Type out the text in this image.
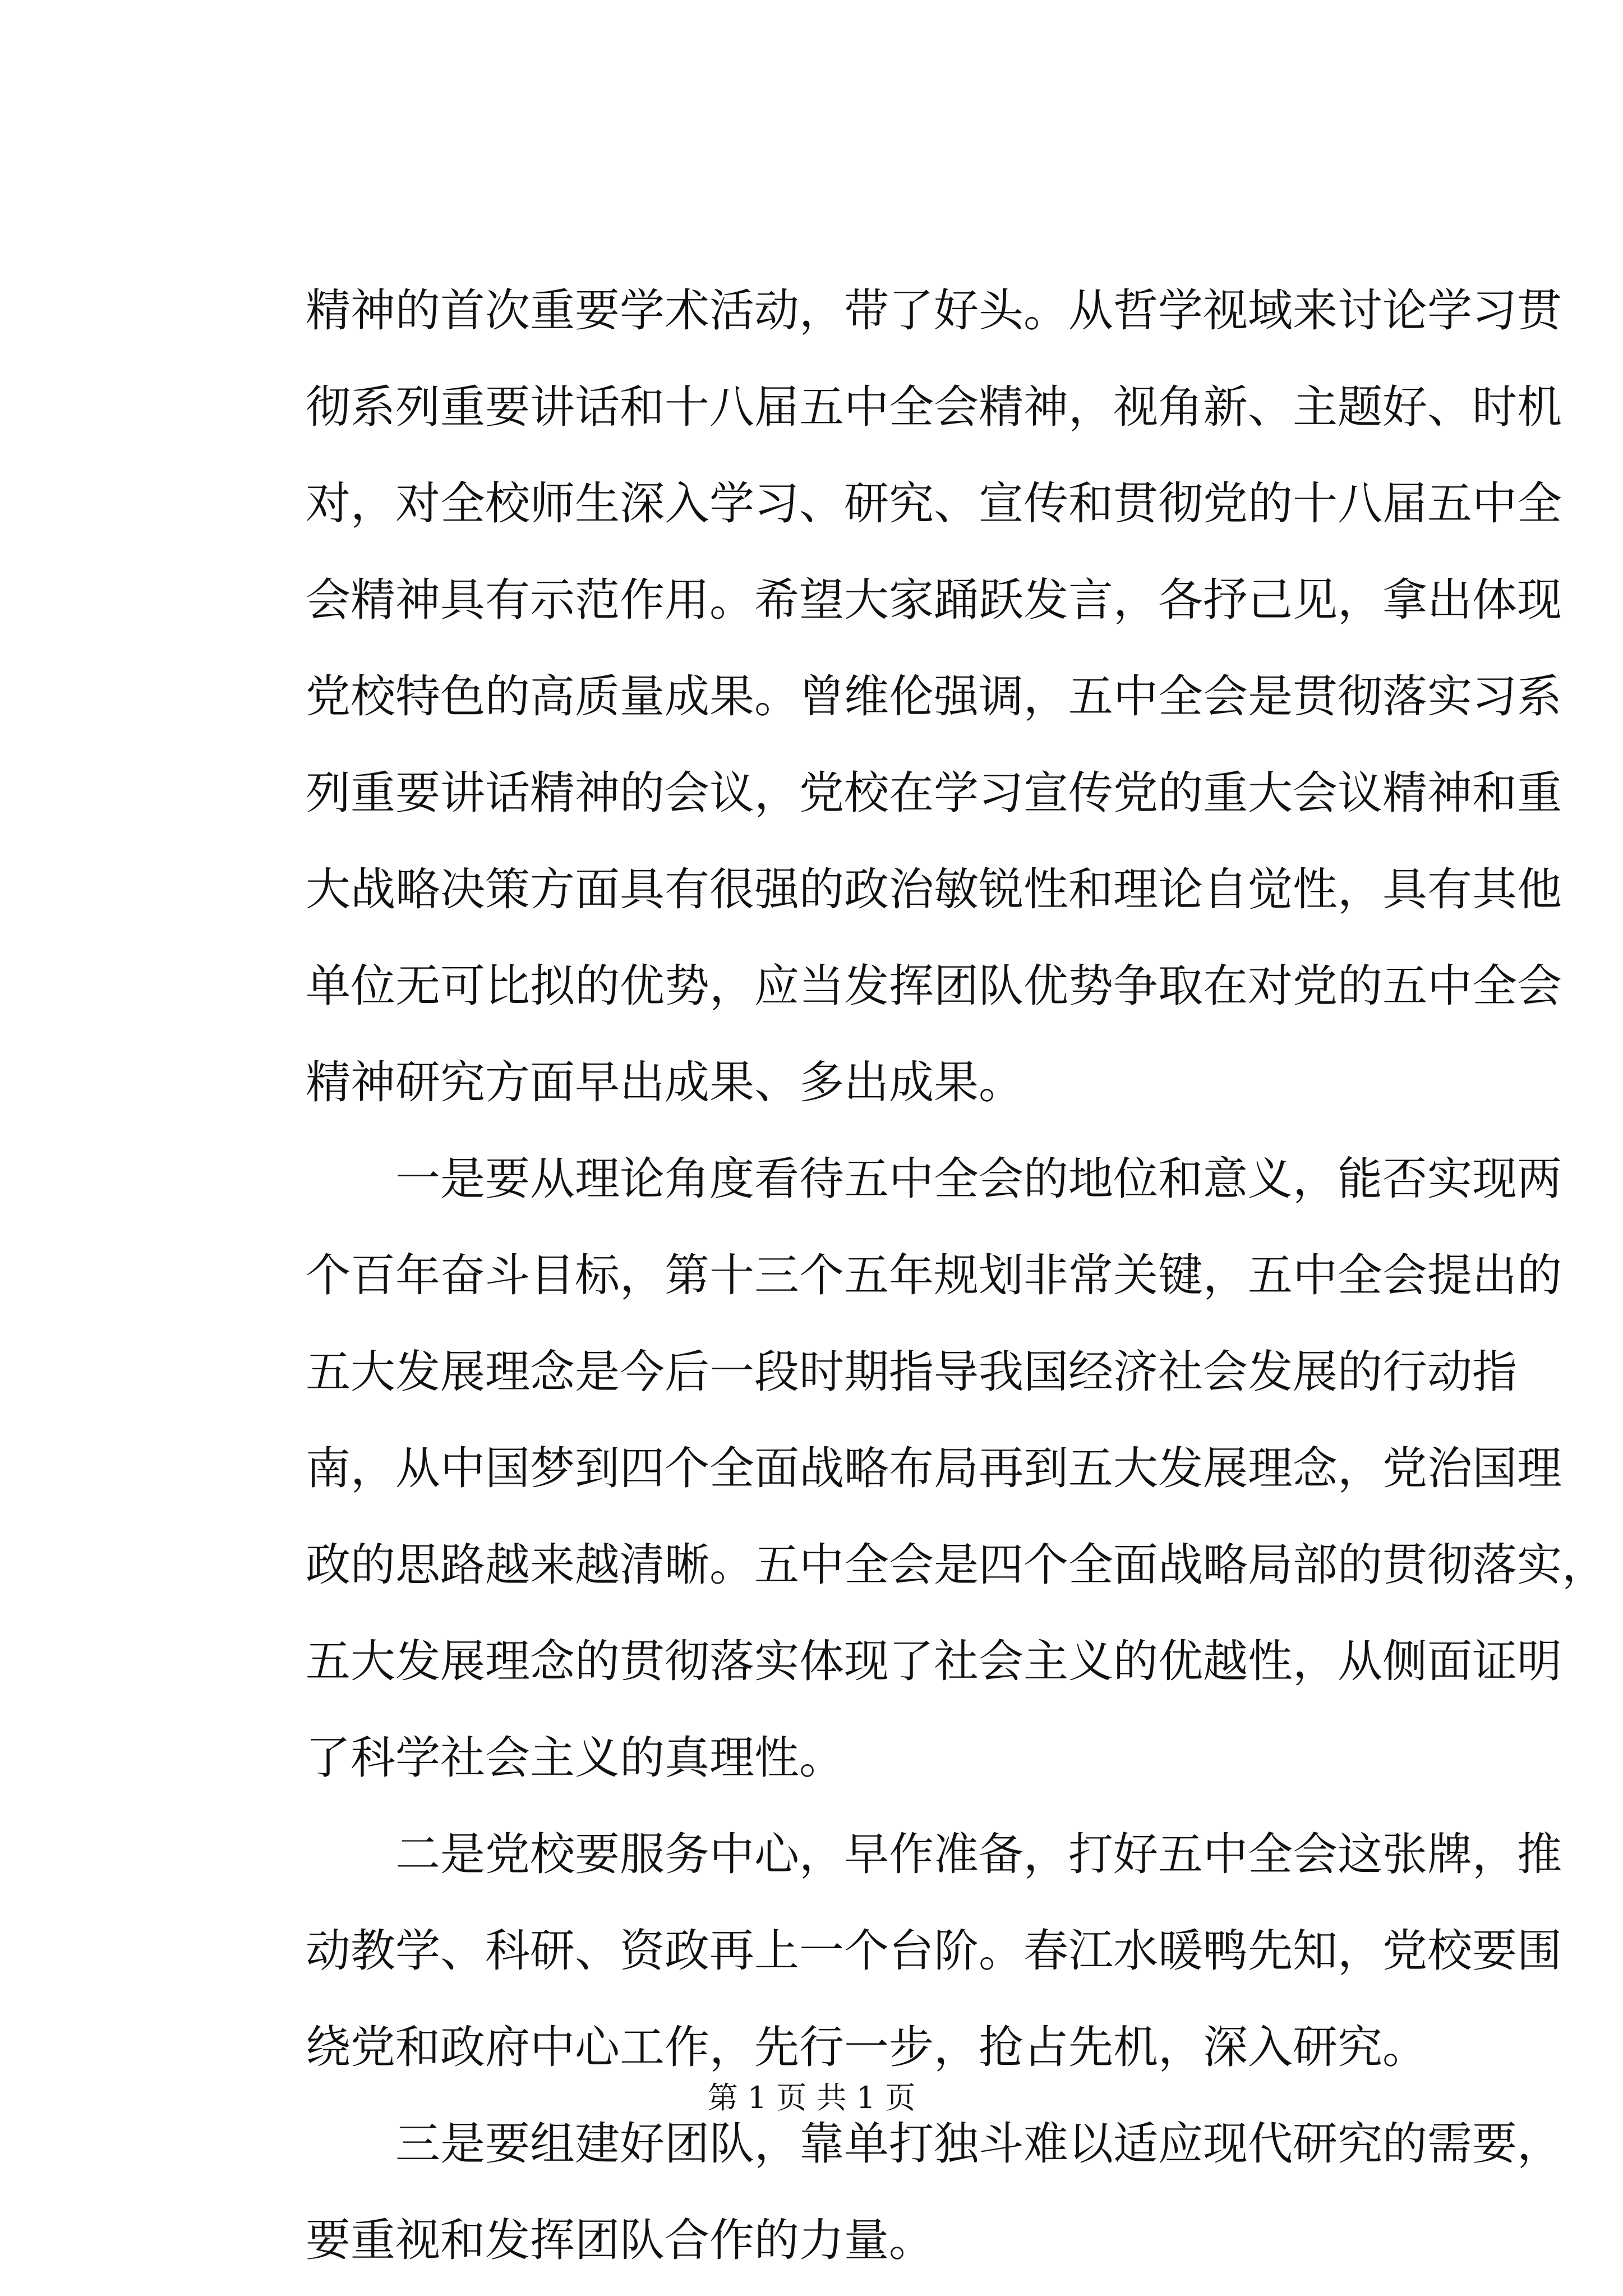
精神的首次重要学术活动，带了好头。从哲学视域来讨论学习贯
彻系列重要讲话和十八届五中全会精神，视角新、主题好、时机
对，对全校师生深入学习、研究、宣传和贯彻党的十八届五中全
会精神具有示范作用。希望大家踊跃发言，各抒己见，拿出体现
党校特色的高质量成果。曾维伦强调，五中全会是贯彻落实习系
列重要讲话精神的会议，党校在学习宣传党的重大会议精神和重
大战略决策方面具有很强的政治敏锐性和理论自觉性，具有其他
单位无可比拟的优势，应当发挥团队优势争取在对党的五中全会
精神研究方面早出成果、多出成果。
一是要从理论角度看待五中全会的地位和意义，能否实现两
个百年奋斗目标，第十三个五年规划非常关键，五中全会提出的
五大发展理念是今后一段时期指导我国经济社会发展的行动指
南，从中国梦到四个全面战略布局再到五大发展理念，党治国理
政的思路越来越清晰。五中全会是四个全面战略局部的贯彻落实，
五大发展理念的贯彻落实体现了社会主义的优越性，从侧面证明
了科学社会主义的真理性。
二是党校要服务中心，早作准备，打好五中全会这张牌，推
动教学、科研、资政再上一个台阶。春江水暖鸭先知，党校要围
绕党和政府中心工作，先行一步，抢占先机，深入研究。
三是要组建好团队，靠单打独斗难以适应现代研究的需要，
要重视和发挥团队合作的力量。
第 1 页 共 1 页
